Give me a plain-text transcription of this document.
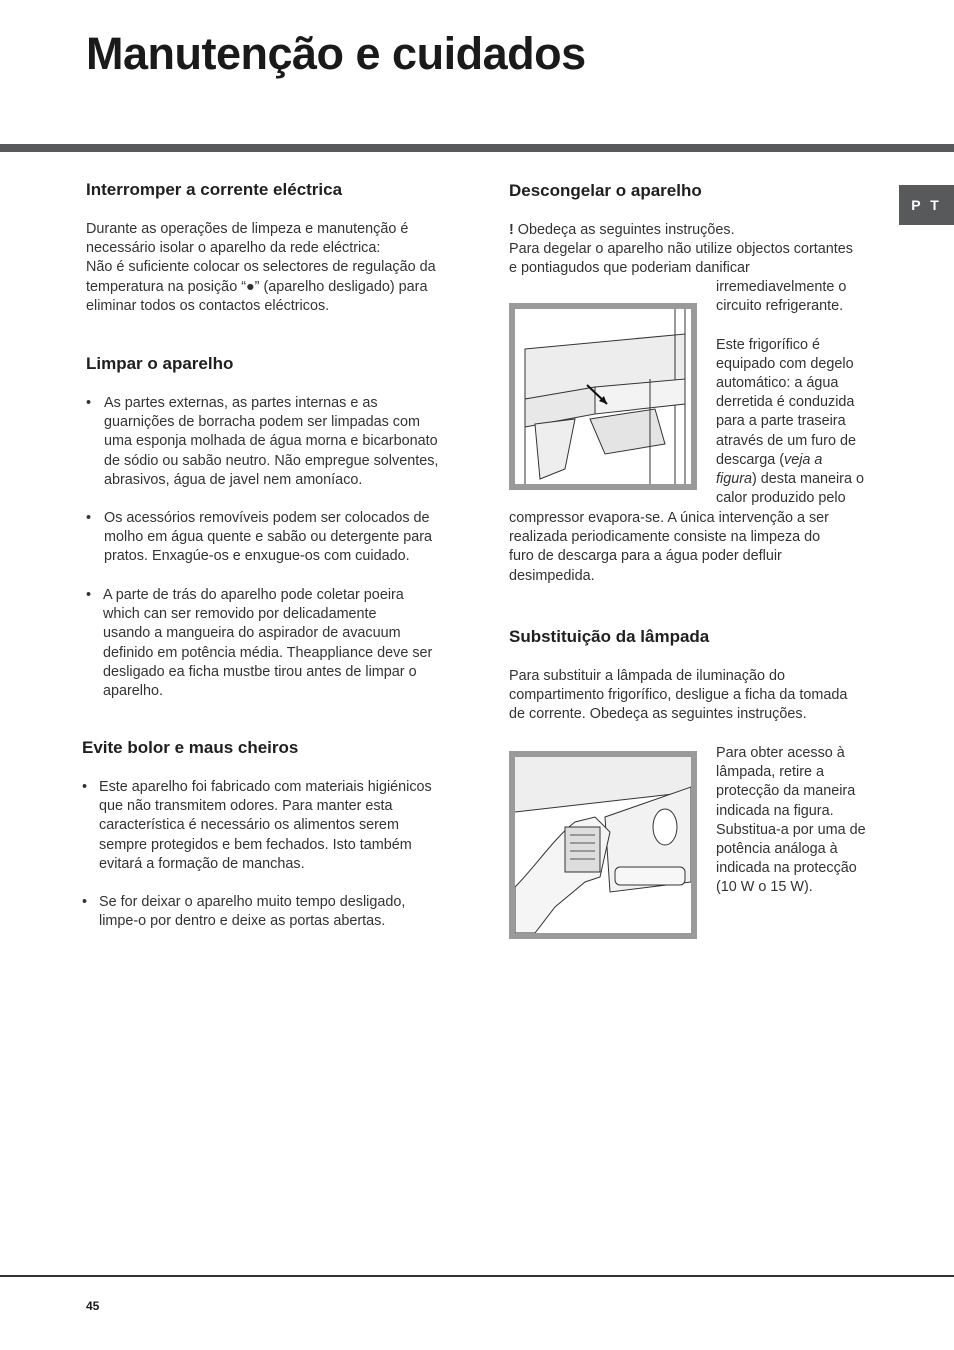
Manutenção e cuidados
P T
Interromper a corrente eléctrica
Durante as operações de limpeza e manutenção é
necessário isolar o aparelho da rede eléctrica:
Não é suficiente colocar os selectores de regulação da
temperatura na posição “●” (aparelho desligado) para
eliminar todos os contactos eléctricos.
Limpar o aparelho
• As partes externas, as partes internas e as
guarnições de borracha podem ser limpadas com
uma esponja molhada de água morna e bicarbonato
de sódio ou sabão neutro. Não empregue solventes,
abrasivos, água de javel nem amoníaco.
• Os acessórios removíveis podem ser colocados de
molho em água quente e sabão ou detergente para
pratos. Enxagúe-os e enxugue-os com cuidado.
• A parte de trás do aparelho pode coletar poeira
which can ser removido por delicadamente
usando a mangueira do aspirador de avacuum
definido em potência média. Theappliance deve ser
desligado ea ficha mustbe tirou antes de limpar o
aparelho.
Evite bolor e maus cheiros
• Este aparelho foi fabricado com materiais higiénicos
que não transmitem odores. Para manter esta
característica é necessário os alimentos serem
sempre protegidos e bem fechados. Isto também
evitará a formação de manchas.
• Se for deixar o aparelho muito tempo desligado,
limpe-o por dentro e deixe as portas abertas.
Descongelar o aparelho
! Obedeça as seguintes instruções.
Para degelar o aparelho não utilize objectos cortantes
e pontiagudos que poderiam danificar
irremediavelmente o
circuito refrigerante.
Este frigorífico é
equipado com degelo
automático: a água
derretida é conduzida
para a parte traseira
através de um furo de
descarga (veja a
figura) desta maneira o
calor produzido pelo
compressor evapora-se. A única intervenção a ser
realizada periodicamente consiste na limpeza do
furo de descarga para a água poder defluir
desimpedida.
Substituição da lâmpada
Para substituir a lâmpada de iluminação do
compartimento frigorífico, desligue a ficha da tomada
de corrente. Obedeça as seguintes instruções.
Para obter acesso à
lâmpada, retire a
protecção da maneira
indicada na figura.
Substitua-a por uma de
potência análoga à
indicada na protecção
(10 W o 15 W).
45
